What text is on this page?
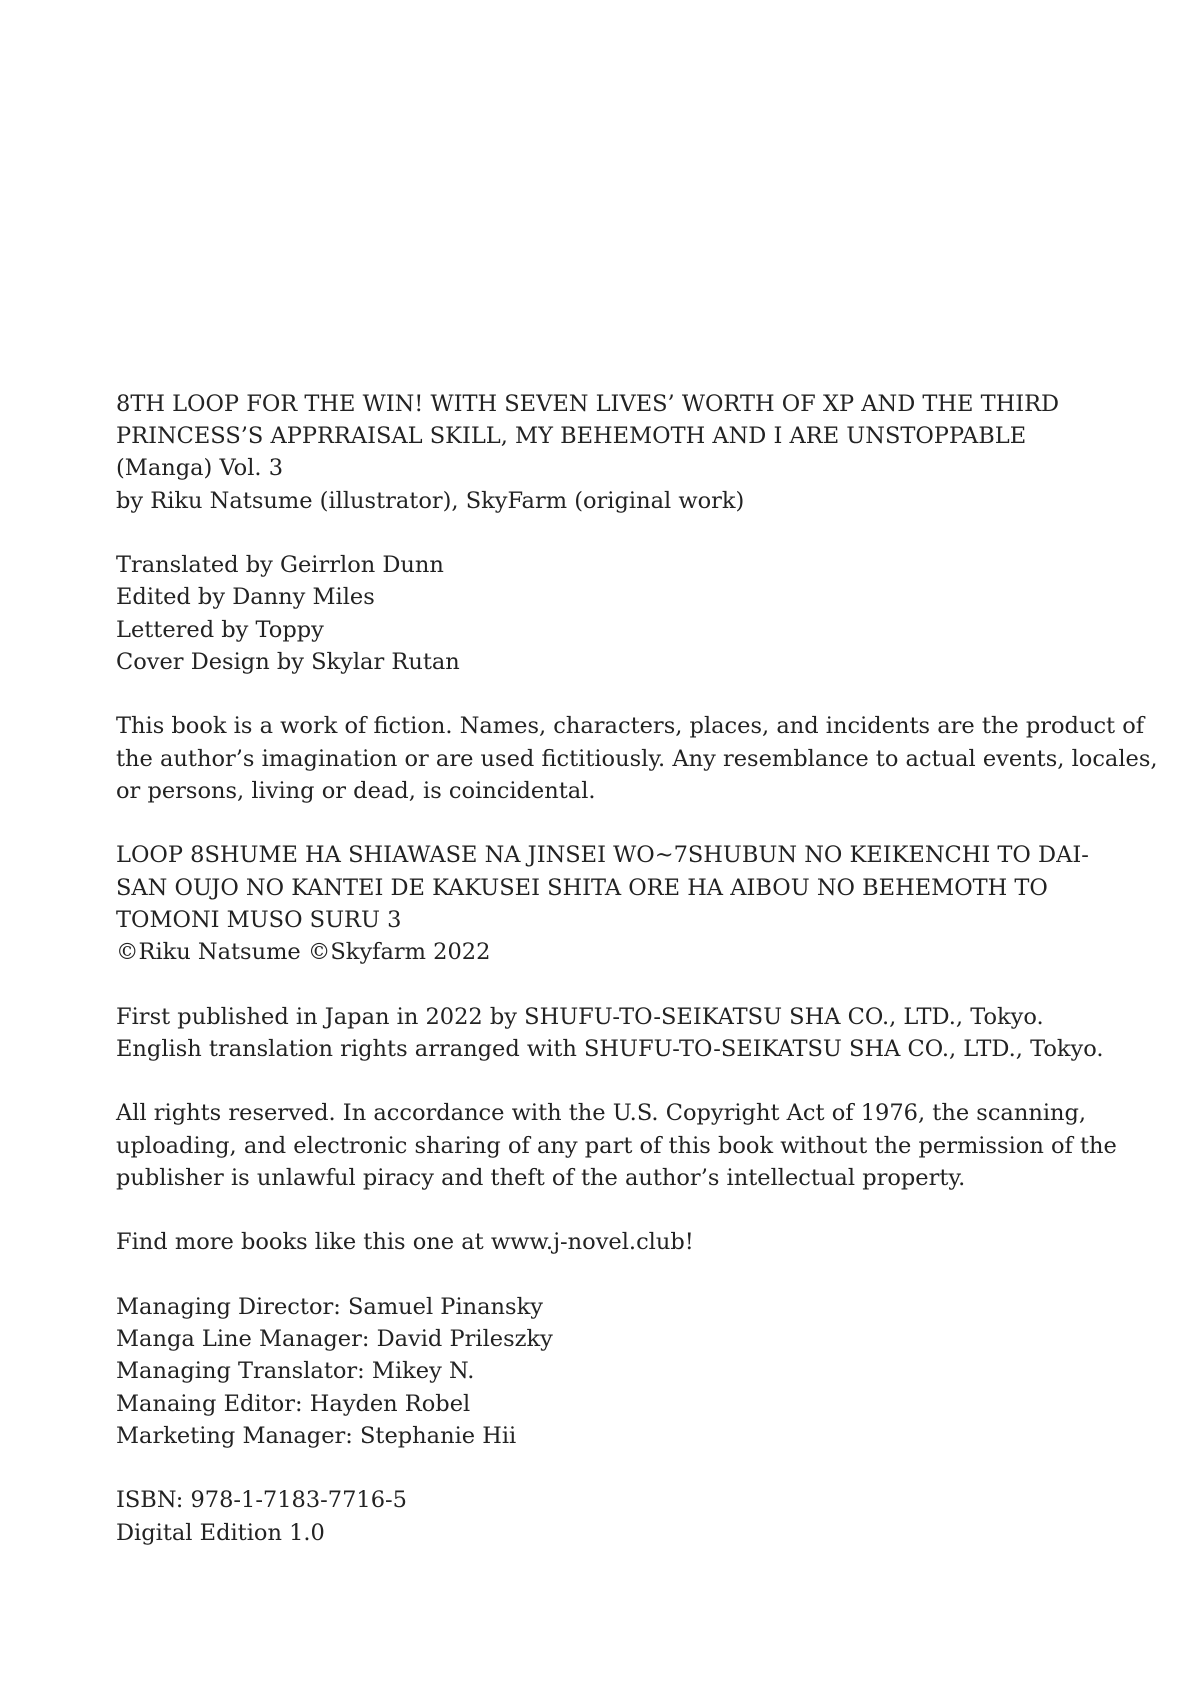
8TH LOOP FOR THE WIN! WITH SEVEN LIVES’ WORTH OF XP AND THE THIRD
PRINCESS’S APPRRAISAL SKILL, MY BEHEMOTH AND I ARE UNSTOPPABLE
(Manga) Vol. 3
by Riku Natsume (illustrator), SkyFarm (original work)
Translated by Geirrlon Dunn
Edited by Danny Miles
Lettered by Toppy
Cover Design by Skylar Rutan
This book is a work of fiction. Names, characters, places, and incidents are the product of
the author’s imagination or are used fictitiously. Any resemblance to actual events, locales,
or persons, living or dead, is coincidental.
LOOP 8SHUME HA SHIAWASE NA JINSEI WO~7SHUBUN NO KEIKENCHI TO DAI-
SAN OUJO NO KANTEI DE KAKUSEI SHITA ORE HA AIBOU NO BEHEMOTH TO
TOMONI MUSO SURU 3
©Riku Natsume ©Skyfarm 2022
First published in Japan in 2022 by SHUFU-TO-SEIKATSU SHA CO., LTD., Tokyo.
English translation rights arranged with SHUFU-TO-SEIKATSU SHA CO., LTD., Tokyo.
All rights reserved. In accordance with the U.S. Copyright Act of 1976, the scanning,
uploading, and electronic sharing of any part of this book without the permission of the
publisher is unlawful piracy and theft of the author’s intellectual property.
Find more books like this one at www.j-novel.club!
Managing Director: Samuel Pinansky
Manga Line Manager: David Prileszky
Managing Translator: Mikey N.
Manaing Editor: Hayden Robel
Marketing Manager: Stephanie Hii
ISBN: 978-1-7183-7716-5
Digital Edition 1.0
